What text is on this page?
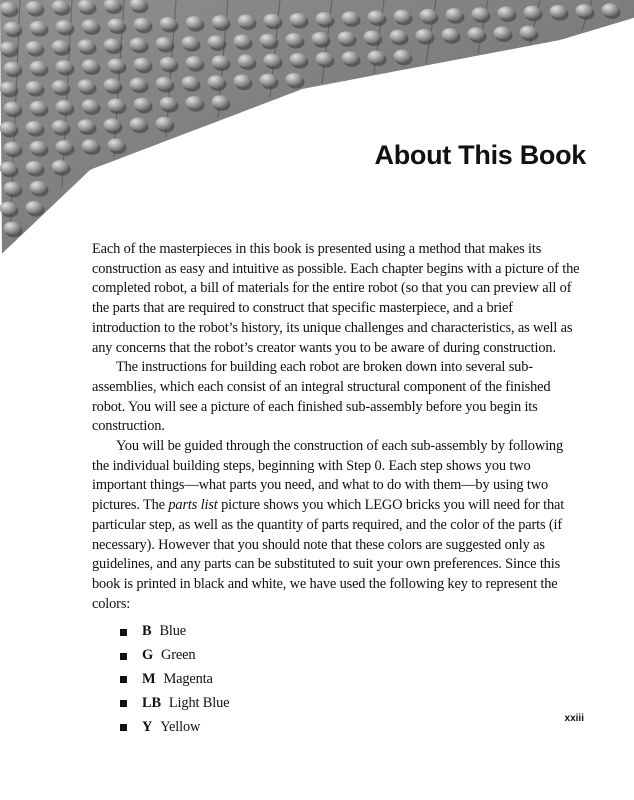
About This Book

Each of the masterpieces in this book is presented using a method that makes its construction as easy and intuitive as possible. Each chapter begins with a picture of the completed robot, a bill of materials for the entire robot (so that you can preview all of the parts that are required to construct that specific masterpiece, and a brief introduction to the robot’s history, its unique challenges and characteristics, as well as any concerns that the robot’s creator wants you to be aware of during construction.

The instructions for building each robot are broken down into several sub-assemblies, which each consist of an integral structural component of the finished robot. You will see a picture of each finished sub-assembly before you begin its construction.

You will be guided through the construction of each sub-assembly by following the individual building steps, beginning with Step 0. Each step shows you two important things—what parts you need, and what to do with them—by using two pictures. The parts list picture shows you which LEGO bricks you will need for that particular step, as well as the quantity of parts required, and the color of the parts (if necessary). However that you should note that these colors are suggested only as guidelines, and any parts can be substituted to suit your own preferences. Since this book is printed in black and white, we have used the following key to represent the colors:

B Blue
G Green
M Magenta
LB Light Blue
Y Yellow
xxiii
